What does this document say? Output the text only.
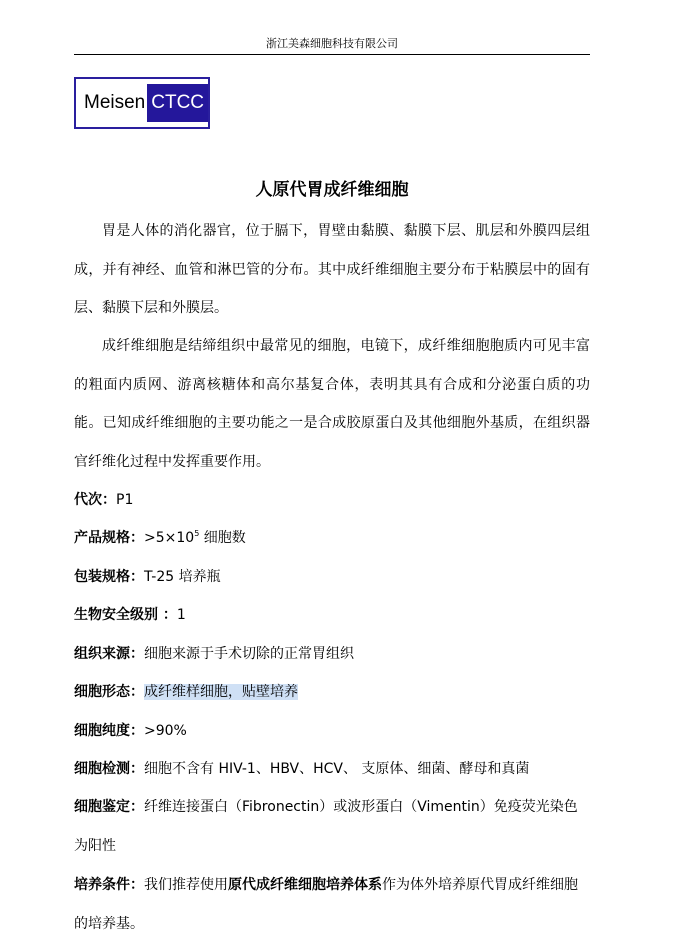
浙江美森细胞科技有限公司
Meisen CTCC
人原代胃成纤维细胞
胃是人体的消化器官，位于膈下，胃壁由黏膜、黏膜下层、肌层和外膜四层组成，并有神经、血管和淋巴管的分布。其中成纤维细胞主要分布于粘膜层中的固有层、黏膜下层和外膜层。
成纤维细胞是结缔组织中最常见的细胞，电镜下，成纤维细胞胞质内可见丰富的粗面内质网、游离核糖体和高尔基复合体，表明其具有合成和分泌蛋白质的功能。已知成纤维细胞的主要功能之一是合成胶原蛋白及其他细胞外基质，在组织器官纤维化过程中发挥重要作用。
代次：P1
产品规格：$>5\times 10^5$ 细胞数
包装规格：T-25 培养瓶
生物安全级别 ：1
组织来源：细胞来源于手术切除的正常胃组织
细胞形态：成纤维样细胞，贴壁培养
细胞纯度：>90%
细胞检测：细胞不含有 HIV-1、HBV、HCV、 支原体、细菌、酵母和真菌
细胞鉴定：纤维连接蛋白（Fibronectin）或波形蛋白（Vimentin）免疫荧光染色为阳性
培养条件：我们推荐使用原代成纤维细胞培养体系作为体外培养原代胃成纤维细胞的培养基。
